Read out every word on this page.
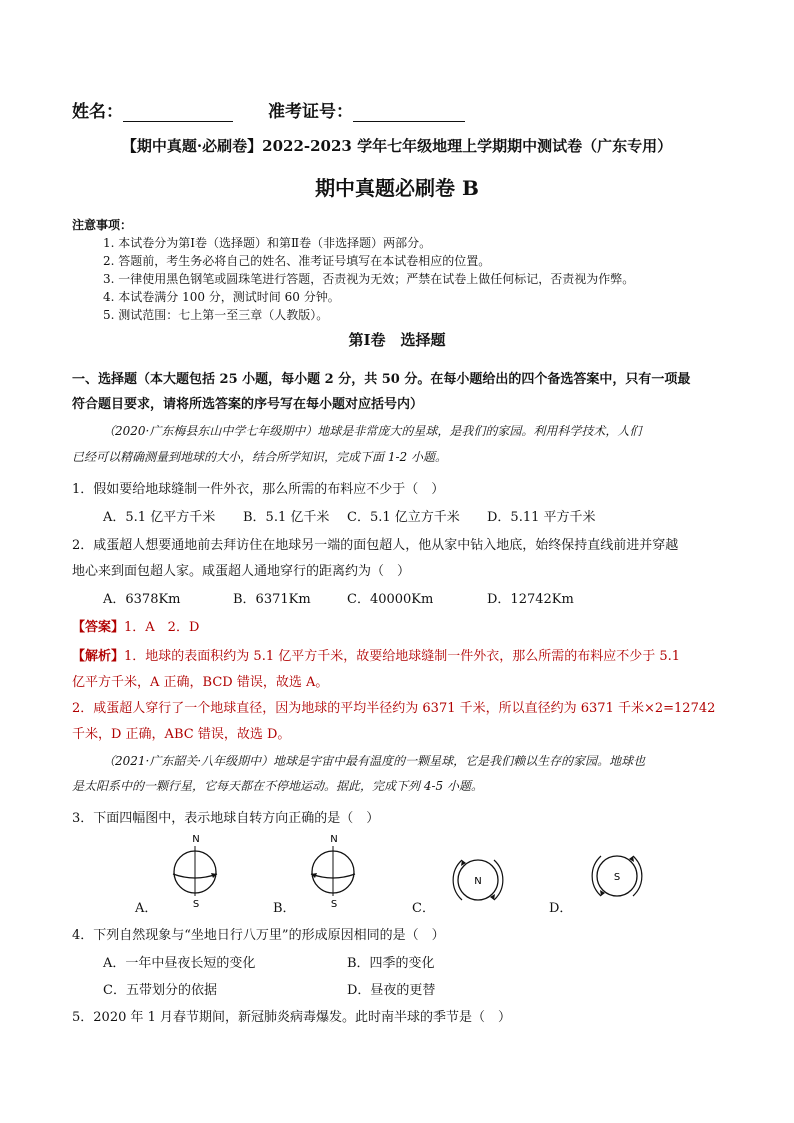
姓名：	准考证号：
【期中真题·必刷卷】2022-2023 学年七年级地理上学期期中测试卷（广东专用）
期中真题必刷卷 B
注意事项：
1. 本试卷分为第Ⅰ卷（选择题）和第Ⅱ卷（非选择题）两部分。
2. 答题前，考生务必将自己的姓名、准考证号填写在本试卷相应的位置。
3. 一律使用黑色钢笔或圆珠笔进行答题，否责视为无效；严禁在试卷上做任何标记，否责视为作弊。
4. 本试卷满分 100 分，测试时间 60 分钟。
5. 测试范围：七上第一至三章（人教版）。
第Ⅰ卷　选择题
一、选择题（本大题包括 25 小题，每小题 2 分，共 50 分。在每小题给出的四个备选答案中，只有一项最
符合题目要求，请将所选答案的序号写在每小题对应括号内）
（2020·广东梅县东山中学七年级期中）地球是非常庞大的星球，是我们的家园。利用科学技术，人们
已经可以精确测量到地球的大小，结合所学知识，完成下面 1-2 小题。
1．假如要给地球缝制一件外衣，那么所需的布料应不少于（　）
A．5.1 亿平方千米 B．5.1 亿千米 C．5.1 亿立方千米 D．5.11 平方千米
2．咸蛋超人想要通地前去拜访住在地球另一端的面包超人，他从家中钻入地底，始终保持直线前进并穿越
地心来到面包超人家。咸蛋超人通地穿行的距离约为（　）
A．6378Km	B．6371Km	C．40000Km	D．12742Km
【答案】1．A　2．D
【解析】1．地球的表面积约为 5.1 亿平方千米，故要给地球缝制一件外衣，那么所需的布料应不少于 5.1
亿平方千米，A 正确，BCD 错误，故选 A。
2．咸蛋超人穿行了一个地球直径，因为地球的平均半径约为 6371 千米，所以直径约为 6371 千米×2=12742
千米，D 正确，ABC 错误，故选 D。
（2021·广东韶关·八年级期中）地球是宇宙中最有温度的一颗星球，它是我们赖以生存的家园。地球也
是太阳系中的一颗行星，它每天都在不停地运动。据此，完成下列 4-5 小题。
3．下面四幅图中，表示地球自转方向正确的是（　）
A．
N
S	B．
N
S	C．
N
D．
S
4．下列自然现象与“坐地日行八万里”的形成原因相同的是（　）
A．一年中昼夜长短的变化	B．四季的变化
C．五带划分的依据	D．昼夜的更替
5．2020 年 1 月春节期间，新冠肺炎病毒爆发。此时南半球的季节是（　）
